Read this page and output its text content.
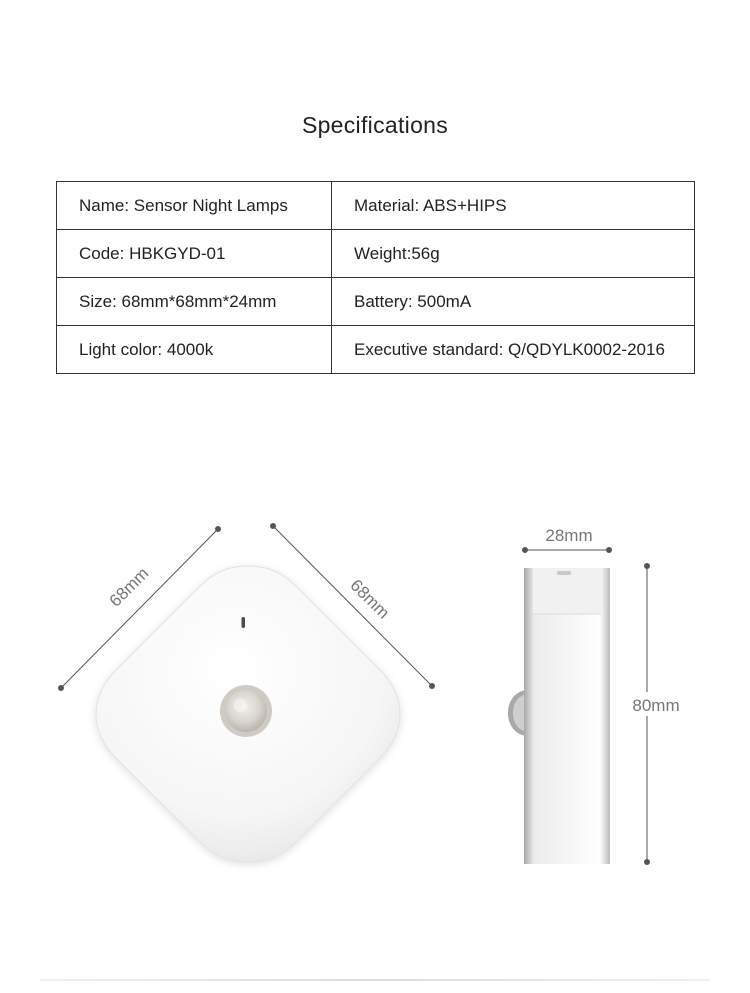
Specifications
Name: Sensor Night Lamps	Material: ABS+HIPS
Code: HBKGYD-01	Weight:56g
Size: 68mm*68mm*24mm	Battery: 500mA
Light color: 4000k	Executive standard: Q/QDYLK0002-2016
68mm	68mm
28mm
80mm
